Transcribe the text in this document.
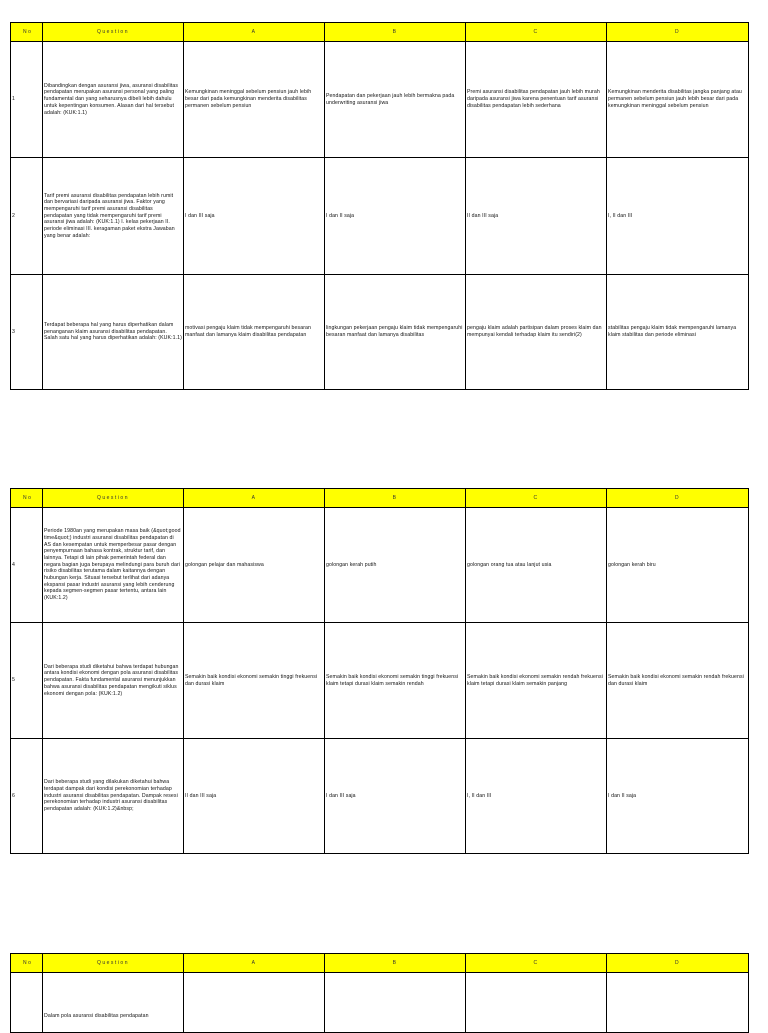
No	Question	A	B	C	D
1	Dibandingkan dengan asuransi jiwa, asuransi disabilitas pendapatan merupakan asuransi personal yang paling fundamental dan yang seharusnya dibeli lebih dahulu untuk kepentingan konsumen. Alasan dari hal tersebut adalah: (KUK:1.1)	Kemungkinan meninggal sebelum pensiun jauh lebih besar dari pada kemungkinan menderita disabilitas permanen sebelum pensiun	Pendapatan dan pekerjaan jauh lebih bermakna pada underwriting asuransi jiwa	Premi asuransi disabilitas pendapatan jauh lebih murah daripada asuransi jiwa karena penentuan tarif asuransi disabilitas pendapatan lebih sederhana	Kemungkinan menderita disabilitas jangka panjang atau permanen sebelum pensiun jauh lebih besar dari pada kemungkinan meninggal sebelum pensiun
2	Tarif premi asuransi disabilitas pendapatan lebih rumit dan bervariasi daripada asuransi jiwa. Faktor yang mempengaruhi tarif premi asuransi disabilitas pendapatan yang tidak mempengaruhi tarif premi asuransi jiwa adalah: (KUK:1.1) I. kelas pekerjaan II. periode eliminasi III. keragaman paket ekstra Jawaban yang benar adalah:	I dan III saja	I dan II saja	II dan III saja	I, II dan III
3	Terdapat beberapa hal yang harus diperhatikan dalam penanganan klaim asuransi disabilitas pendapatan. Salah satu hal yang harus diperhatikan adalah: (KUK:1.1)	motivasi pengaju klaim tidak mempengaruhi besaran manfaat dan lamanya klaim disabilitas pendapatan	lingkungan pekerjaan pengaju klaim tidak mempengaruhi besaran manfaat dan lamanya disabilitas	pengaju klaim adalah partisipan dalam proses klaim dan mempunyai kendali terhadap klaim itu sendiri(2)	stabilitas pengaju klaim tidak mempengaruhi lamanya klaim stabilitas dan periode eliminasi
No	Question	A	B	C	D
4	Periode 1980an yang merupakan masa baik (&quot;good time&quot;) industri asuransi disabilitas pendapatan di AS dan kesempatan untuk memperbesar pasar dengan penyempurnaan bahasa kontrak, struktur tarif, dan lainnya. Tetapi di lain pihak pemerintah federal dan negara bagian juga berupaya melindungi para buruh dari risiko disabilitas terutama dalam kaitannya dengan hubungan kerja. Situasi tersebut terlihat dari adanya ekspansi pasar industri asuransi yang lebih cenderung kepada segmen-segmen pasar tertentu, antara lain (KUK:1.2)	golongan pelajar dan mahasiswa	golongan kerah putih	golongan orang tua atau lanjut usia	golongan kerah biru
5	Dari beberapa studi diketahui bahwa terdapat hubungan antara kondisi ekonomi dengan pola asuransi disabilitas pendapatan. Fakta fundamental asuransi menunjukkan bahwa asuransi disabilitas pendapatan mengikuti siklus ekonomi dengan pola: (KUK:1.2)	Semakin baik kondisi ekonomi semakin tinggi frekuensi dan durasi klaim	Semakin baik kondisi ekonomi semakin tinggi frekuensi klaim tetapi durasi klaim semakin rendah	Semakin baik kondisi ekonomi semakin rendah frekuensi klaim tetapi durasi klaim semakin panjang	Semakin baik kondisi ekonomi semakin rendah frekuensi dan durasi klaim
6	Dari beberapa studi yang dilakukan diketahui bahwa terdapat dampak dari kondisi perekonomian terhadap industri asuransi disabilitas pendapatan. Dampak resesi perekonomian terhadap industri asuransi disabilitas pendapatan adalah: (KUK:1.2)&nbsp;	II dan III saja	I dan III saja	I, II dan III	I dan II saja
No	Question	A	B	C	D
	Dalam pola asuransi disabilitas pendapatan				
